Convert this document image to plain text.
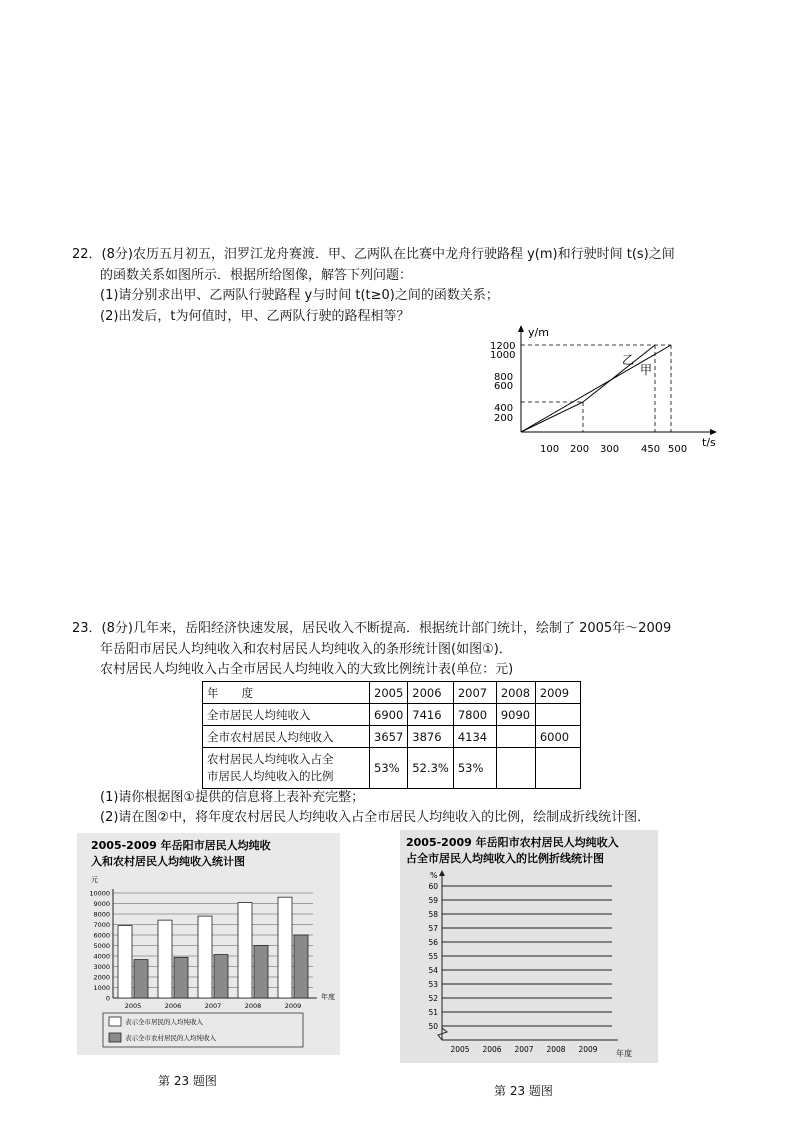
22．(8分)农历五月初五，汨罗江龙舟赛渡．甲、乙两队在比赛中龙舟行驶路程 y(m)和行驶时间 t(s)之间
的函数关系如图所示．根据所给图像，解答下列问题：
(1)请分别求出甲、乙两队行驶路程 y与时间 t(t≥0)之间的函数关系；
(2)出发后，t为何值时，甲、乙两队行驶的路程相等？
y/m
t/s
1200
1000
800
600
400
200
100 200 300 450 500
乙
甲
23．(8分)几年来，岳阳经济快速发展，居民收入不断提高．根据统计部门统计，绘制了 2005年～2009
年岳阳市居民人均纯收入和农村居民人均纯收入的条形统计图(如图①)．
农村居民人均纯收入占全市居民人均纯收入的大致比例统计表(单位：元)
年　　度	2005	2006	2007	2008	2009
全市居民人均纯收入	6900	7416	7800	9090	
全市农村居民人均纯收入	3657	3876	4134		6000

农村居民人均纯收入占全
市居民人均纯收入的比例	53%	52.3%	53%		
(1)请你根据图①提供的信息将上表补充完整；
(2)请在图②中，将年度农村居民人均纯收入占全市居民人均纯收入的比例，绘制成折线统计图．
2005-2009 年岳阳市居民人均纯收
入和农村居民人均纯收入统计图
元
年度
0
1000
2000
3000
4000
5000
6000
7000
8000
9000
10000
2005	2006	2007	2008	2009
表示全市居民的人均纯收入
表示全市农村居民的人均纯收入
第 23 题图
2005-2009 年岳阳市农村居民人均纯收入
占全市居民人均纯收入的比例折线统计图
%
年度
50
51
52
53
54
55
56
57
58
59
60
2005 2006 2007 2008 2009
第 23 题图
